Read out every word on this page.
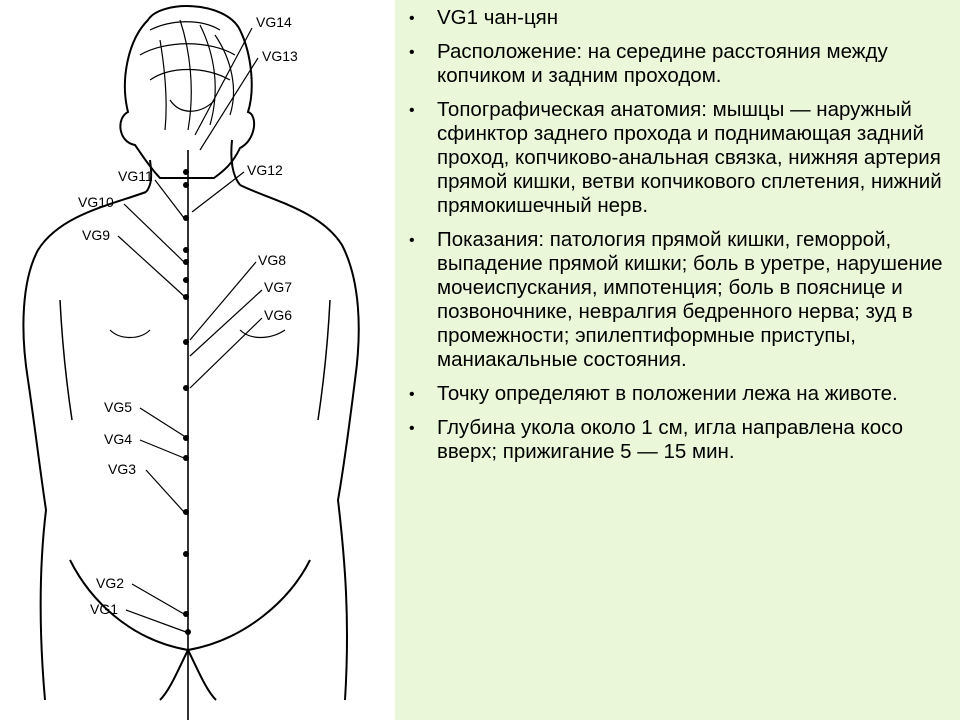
VG14
VG13
VG12
VG11
VG10
VG9
VG8
VG7
VG6
VG5
VG4
VG3
VG2
VG1
• VG1 чан-цян
• Расположение: на середине расстояния между копчиком и задним проходом.
• Топографическая анатомия: мышцы — наружный сфинктор заднего прохода и поднимающая задний проход, копчиково-анальная связка, нижняя артерия прямой кишки, ветви копчикового сплетения, нижний прямокишечный нерв.
• Показания: патология прямой кишки, геморрой, выпадение прямой кишки; боль в уретре, нарушение мочеиспускания, импотенция; боль в пояснице и позвоночнике, невралгия бедренного нерва; зуд в промежности; эпилептиформные приступы, маниакальные состояния.
• Точку определяют в положении лежа на животе.
• Глубина укола около 1 см, игла направлена косо вверх; прижигание 5 — 15 мин.
